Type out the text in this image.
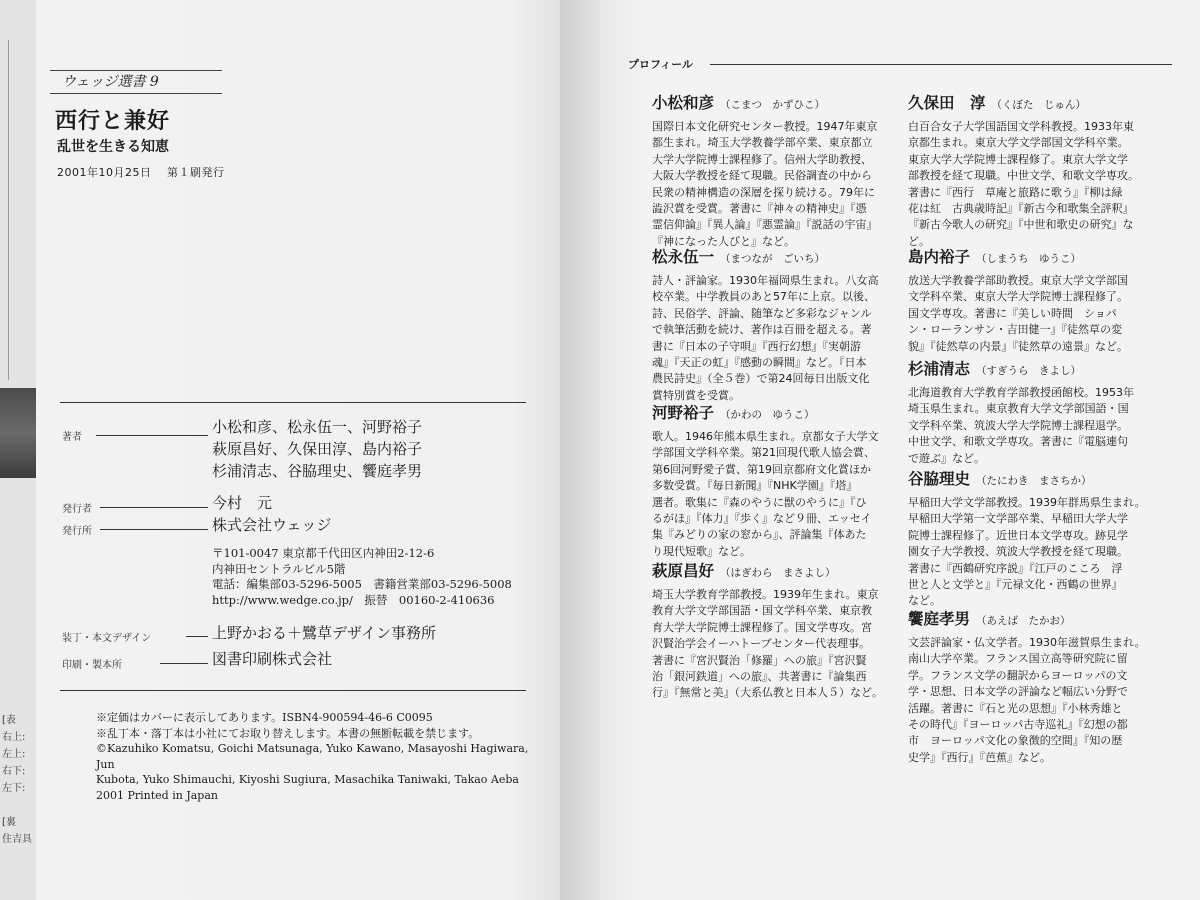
[表
右上:
左上:
右下:
左下:

[裏
住吉具
ウェッジ選書 9
西行と兼好
乱世を生きる知恵
2001年10月25日　 第１刷発行
著者
小松和彦、松永伍一、河野裕子
萩原昌好、久保田淳、島内裕子
杉浦清志、谷脇理史、饗庭孝男
発行者	今村　元
発行所	株式会社ウェッジ
〒101-0047 東京都千代田区内神田2-12-6
内神田セントラルビル5階
電話：編集部03-5296-5005　書籍営業部03-5296-5008
http://www.wedge.co.jp/　振替　00160-2-410636
装丁・本文デザイン	上野かおる＋鷺草デザイン事務所
印刷・製本所	図書印刷株式会社
※定価はカバーに表示してあります。ISBN4-900594-46-6 C0095
※乱丁本・落丁本は小社にてお取り替えします。本書の無断転載を禁じます。
©Kazuhiko Komatsu, Goichi Matsunaga, Yuko Kawano, Masayoshi Hagiwara, Jun
Kubota, Yuko Shimauchi, Kiyoshi Sugiura, Masachika Taniwaki, Takao Aeba
2001 Printed in Japan
プロフィール
小松和彦 （こまつ　かずひこ）
国際日本文化研究センター教授。1947年東京
都生まれ。埼玉大学教養学部卒業、東京都立
大学大学院博士課程修了。信州大学助教授、
大阪大学教授を経て現職。民俗調査の中から
民衆の精神構造の深層を探り続ける。79年に
澁沢賞を受賞。著書に『神々の精神史』『憑
霊信仰論』『異人論』『悪霊論』『説話の宇宙』
『神になった人びと』など。
松永伍一 （まつなが　ごいち）
詩人・評論家。1930年福岡県生まれ。八女高
校卒業。中学教員のあと57年に上京。以後、
詩、民俗学、評論、随筆など多彩なジャンル
で執筆活動を続け、著作は百冊を超える。著
書に『日本の子守唄』『西行幻想』『実朝游
魂』『天正の虹』『感動の瞬間』など。『日本
農民詩史』（全５巻）で第24回毎日出版文化
賞特別賞を受賞。
河野裕子 （かわの　ゆうこ）
歌人。1946年熊本県生まれ。京都女子大学文
学部国文学科卒業。第21回現代歌人協会賞、
第6回河野愛子賞、第19回京都府文化賞ほか
多数受賞。『毎日新聞』『NHK学園』『塔』
選者。歌集に『森のやうに獣のやうに』『ひ
るがほ』『体力』『歩く』など９冊、エッセイ
集『みどりの家の窓から』、評論集『体あた
り現代短歌』など。
萩原昌好 （はぎわら　まさよし）
埼玉大学教育学部教授。1939年生まれ。東京
教育大学文学部国語・国文学科卒業、東京教
育大学大学院博士課程修了。国文学専攻。宮
沢賢治学会イーハトーブセンター代表理事。
著書に『宮沢賢治「修羅」への旅』『宮沢賢
治「銀河鉄道」への旅』、共著書に『論集西
行』『無常と美』（大系仏教と日本人５）など。
久保田　淳 （くぼた　じゅん）
白百合女子大学国語国文学科教授。1933年東
京都生まれ。東京大学文学部国文学科卒業。
東京大学大学院博士課程修了。東京大学文学
部教授を経て現職。中世文学、和歌文学専攻。
著書に『西行　草庵と旅路に歌う』『柳は緑
花は紅　古典歳時記』『新古今和歌集全評釈』
『新古今歌人の研究』『中世和歌史の研究』な
ど。
島内裕子 （しまうち　ゆうこ）
放送大学教養学部助教授。東京大学文学部国
文学科卒業、東京大学大学院博士課程修了。
国文学専攻。著書に『美しい時間　ショパ
ン・ローランサン・吉田健一』『徒然草の変
貌』『徒然草の内景』『徒然草の遠景』など。
杉浦清志 （すぎうら　きよし）
北海道教育大学教育学部教授函館校。1953年
埼玉県生まれ。東京教育大学文学部国語・国
文学科卒業、筑波大学大学院博士課程退学。
中世文学、和歌文学専攻。著書に『電脳連句
で遊ぶ』など。
谷脇理史 （たにわき　まさちか）
早稲田大学文学部教授。1939年群馬県生まれ。
早稲田大学第一文学部卒業、早稲田大学大学
院博士課程修了。近世日本文学専攻。跡見学
園女子大学教授、筑波大学教授を経て現職。
著書に『西鶴研究序説』『江戸のこころ　浮
世と人と文学と』『元禄文化・西鶴の世界』
など。
饗庭孝男 （あえば　たかお）
文芸評論家・仏文学者。1930年滋賀県生まれ。
南山大学卒業。フランス国立高等研究院に留
学。フランス文学の翻訳からヨーロッパの文
学・思想、日本文学の評論など幅広い分野で
活躍。著書に『石と光の思想』『小林秀雄と
その時代』『ヨーロッパ古寺巡礼』『幻想の都
市　ヨーロッパ文化の象徴的空間』『知の歴
史学』『西行』『芭蕉』など。
